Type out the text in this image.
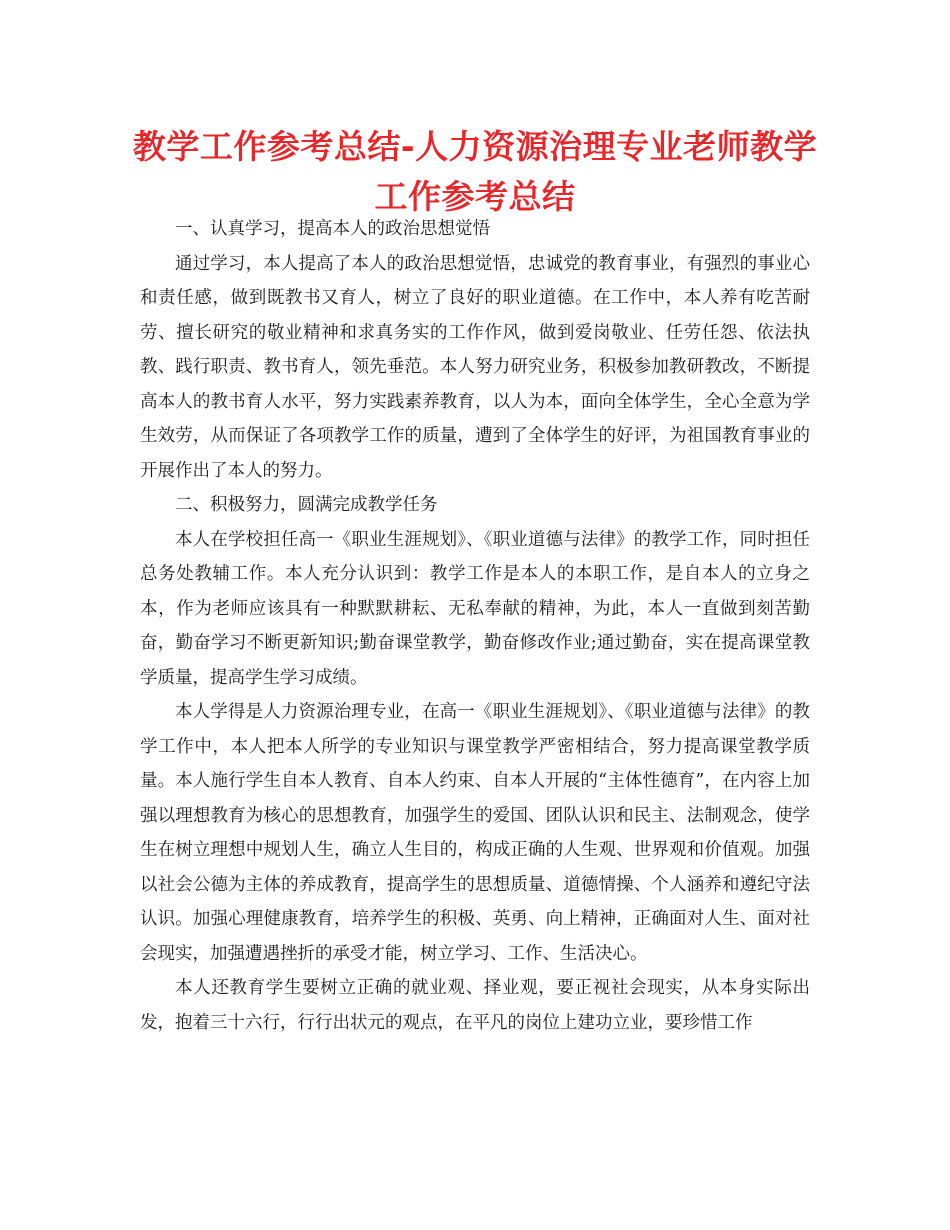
教学工作参考总结-人力资源治理专业老师教学工作参考总结

一、认真学习，提高本人的政治思想觉悟

通过学习，本人提高了本人的政治思想觉悟，忠诚党的教育事业，有强烈的事业心和责任感，做到既教书又育人，树立了良好的职业道德。在工作中，本人养有吃苦耐劳、擅长研究的敬业精神和求真务实的工作作风，做到爱岗敬业、任劳任怨、依法执教、践行职责、教书育人，领先垂范。本人努力研究业务，积极参加教研教改，不断提高本人的教书育人水平，努力实践素养教育，以人为本，面向全体学生，全心全意为学生效劳，从而保证了各项教学工作的质量，遭到了全体学生的好评，为祖国教育事业的开展作出了本人的努力。

二、积极努力，圆满完成教学任务

本人在学校担任高一《职业生涯规划》、《职业道德与法律》的教学工作，同时担任总务处教辅工作。本人充分认识到：教学工作是本人的本职工作，是自本人的立身之本，作为老师应该具有一种默默耕耘、无私奉献的精神，为此，本人一直做到刻苦勤奋，勤奋学习不断更新知识;勤奋课堂教学，勤奋修改作业;通过勤奋，实在提高课堂教学质量，提高学生学习成绩。

本人学得是人力资源治理专业，在高一《职业生涯规划》、《职业道德与法律》的教学工作中，本人把本人所学的专业知识与课堂教学严密相结合，努力提高课堂教学质量。本人施行学生自本人教育、自本人约束、自本人开展的“主体性德育”，在内容上加强以理想教育为核心的思想教育，加强学生的爱国、团队认识和民主、法制观念，使学生在树立理想中规划人生，确立人生目的，构成正确的人生观、世界观和价值观。加强以社会公德为主体的养成教育，提高学生的思想质量、道德情操、个人涵养和遵纪守法认识。加强心理健康教育，培养学生的积极、英勇、向上精神，正确面对人生、面对社会现实，加强遭遇挫折的承受才能，树立学习、工作、生活决心。

本人还教育学生要树立正确的就业观、择业观，要正视社会现实，从本身实际出发，抱着三十六行，行行出状元的观点，在平凡的岗位上建功立业，要珍惜工作
